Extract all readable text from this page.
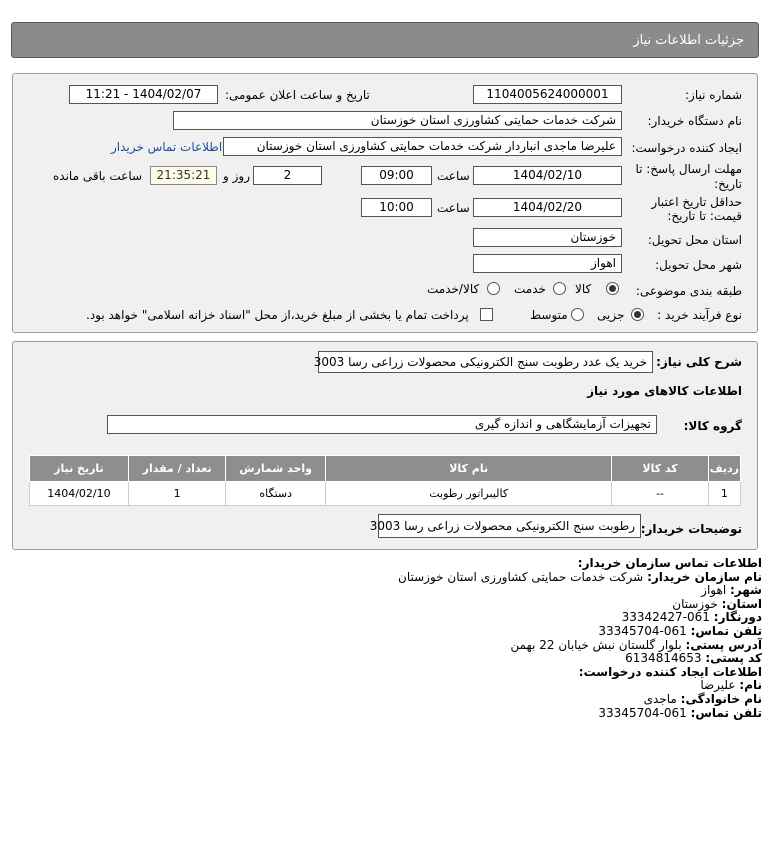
جزئیات اطلاعات نیاز
شماره نیاز:
1104005624000001
تاریخ و ساعت اعلان عمومی:
1404/02/07 - 11:21
نام دستگاه خریدار:
شرکت خدمات حمایتی کشاورزی استان خوزستان
ایجاد کننده درخواست:
علیرضا ماجدی انباردار شرکت خدمات حمایتی کشاورزی استان خوزستان
اطلاعات تماس خریدار
مهلت ارسال پاسخ: تا
تاریخ:
1404/02/10
ساعت
09:00
2
روز و
21:35:21
ساعت باقی مانده
حداقل تاریخ اعتبار
قیمت: تا تاریخ:
1404/02/20
ساعت
10:00
استان محل تحویل:
خوزستان
شهر محل تحویل:
اهواز
طبقه بندی موضوعی:
کالا
خدمت
کالا/خدمت
نوع فرآیند خرید :
جزیی
متوسط
پرداخت تمام یا بخشی از مبلغ خرید،از محل "اسناد خزانه اسلامی" خواهد بود.
شرح کلی نیاز:
خرید یک عدد رطوبت سنج الکترونیکی محصولات زراعی رسا 3003
اطلاعات کالاهای مورد نیاز
گروه کالا:
تجهیزات آزمایشگاهی و اندازه گیری
ردیف	کد کالا	نام کالا	واحد شمارش	تعداد / مقدار	تاریخ نیاز
1	--	کالیبراتور رطوبت	دستگاه	1	1404/02/10
توضیحات خریدار:
رطوبت سنج الکترونیکی محصولات زراعی رسا 3003
اطلاعات تماس سازمان خریدار:
نام سازمان خریدار: شرکت خدمات حمایتی کشاورزی استان خوزستان
شهر: اهواز
استان: خوزستان
دورنگار: 061-33342427
تلفن تماس: 061-33345704
آدرس پستی: بلوار گلستان نبش خیابان 22 بهمن
کد پستی: 6134814653
اطلاعات ایجاد کننده درخواست:
نام: علیرضا
نام خانوادگی: ماجدی
تلفن تماس: 061-33345704
